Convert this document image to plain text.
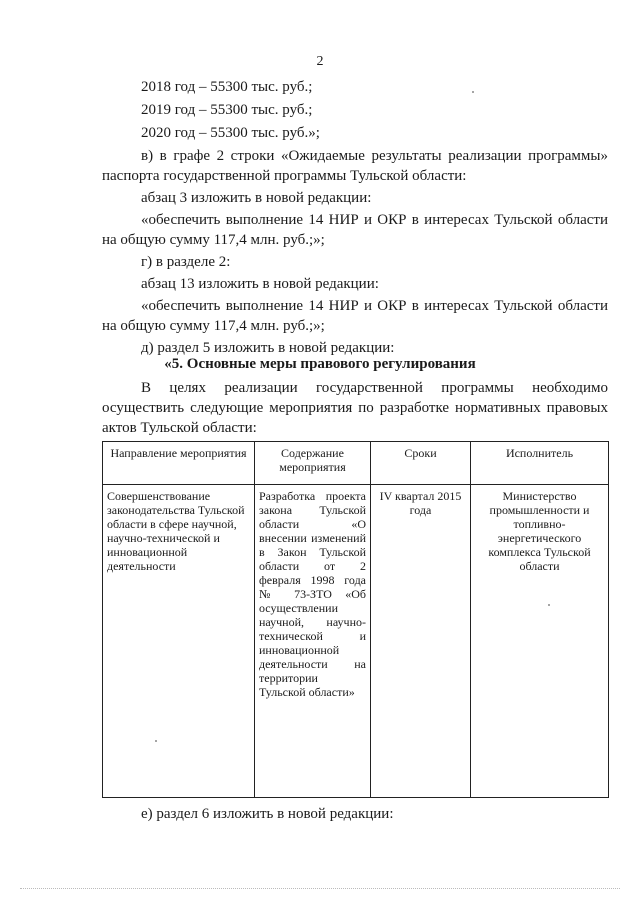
2
2018 год – 55300 тыс. руб.;
2019 год – 55300 тыс. руб.;
2020 год – 55300 тыс. руб.»;
в) в графе 2 строки «Ожидаемые результаты реализации программы»
паспорта государственной программы Тульской области:
абзац 3 изложить в новой редакции:
«обеспечить выполнение 14 НИР и ОКР в интересах Тульской области
на общую сумму 117,4 млн. руб.;»;
г) в разделе 2:
абзац 13 изложить в новой редакции:
«обеспечить выполнение 14 НИР и ОКР в интересах Тульской области
на общую сумму 117,4 млн. руб.;»;
д) раздел 5 изложить в новой редакции:
«5. Основные меры правового регулирования
В целях реализации государственной программы необходимо
осуществить следующие мероприятия по разработке нормативных правовых
актов Тульской области:
Направление мероприятия	Содержание мероприятия	Сроки	Исполнитель
Совершенствование законодательства Тульской области в сфере научной, научно-технической и инновационной деятельности	Разработка проекта закона Тульской области «О внесении изменений в Закон Тульской области от 2 февраля 1998 года № 73-ЗТО «Об осуществлении научной, научно-технической и инновационной деятельности на территории Тульской области»	IV квартал 2015 года	Министерство промышленности и топливно-энергетического комплекса Тульской области
е) раздел 6 изложить в новой редакции:
